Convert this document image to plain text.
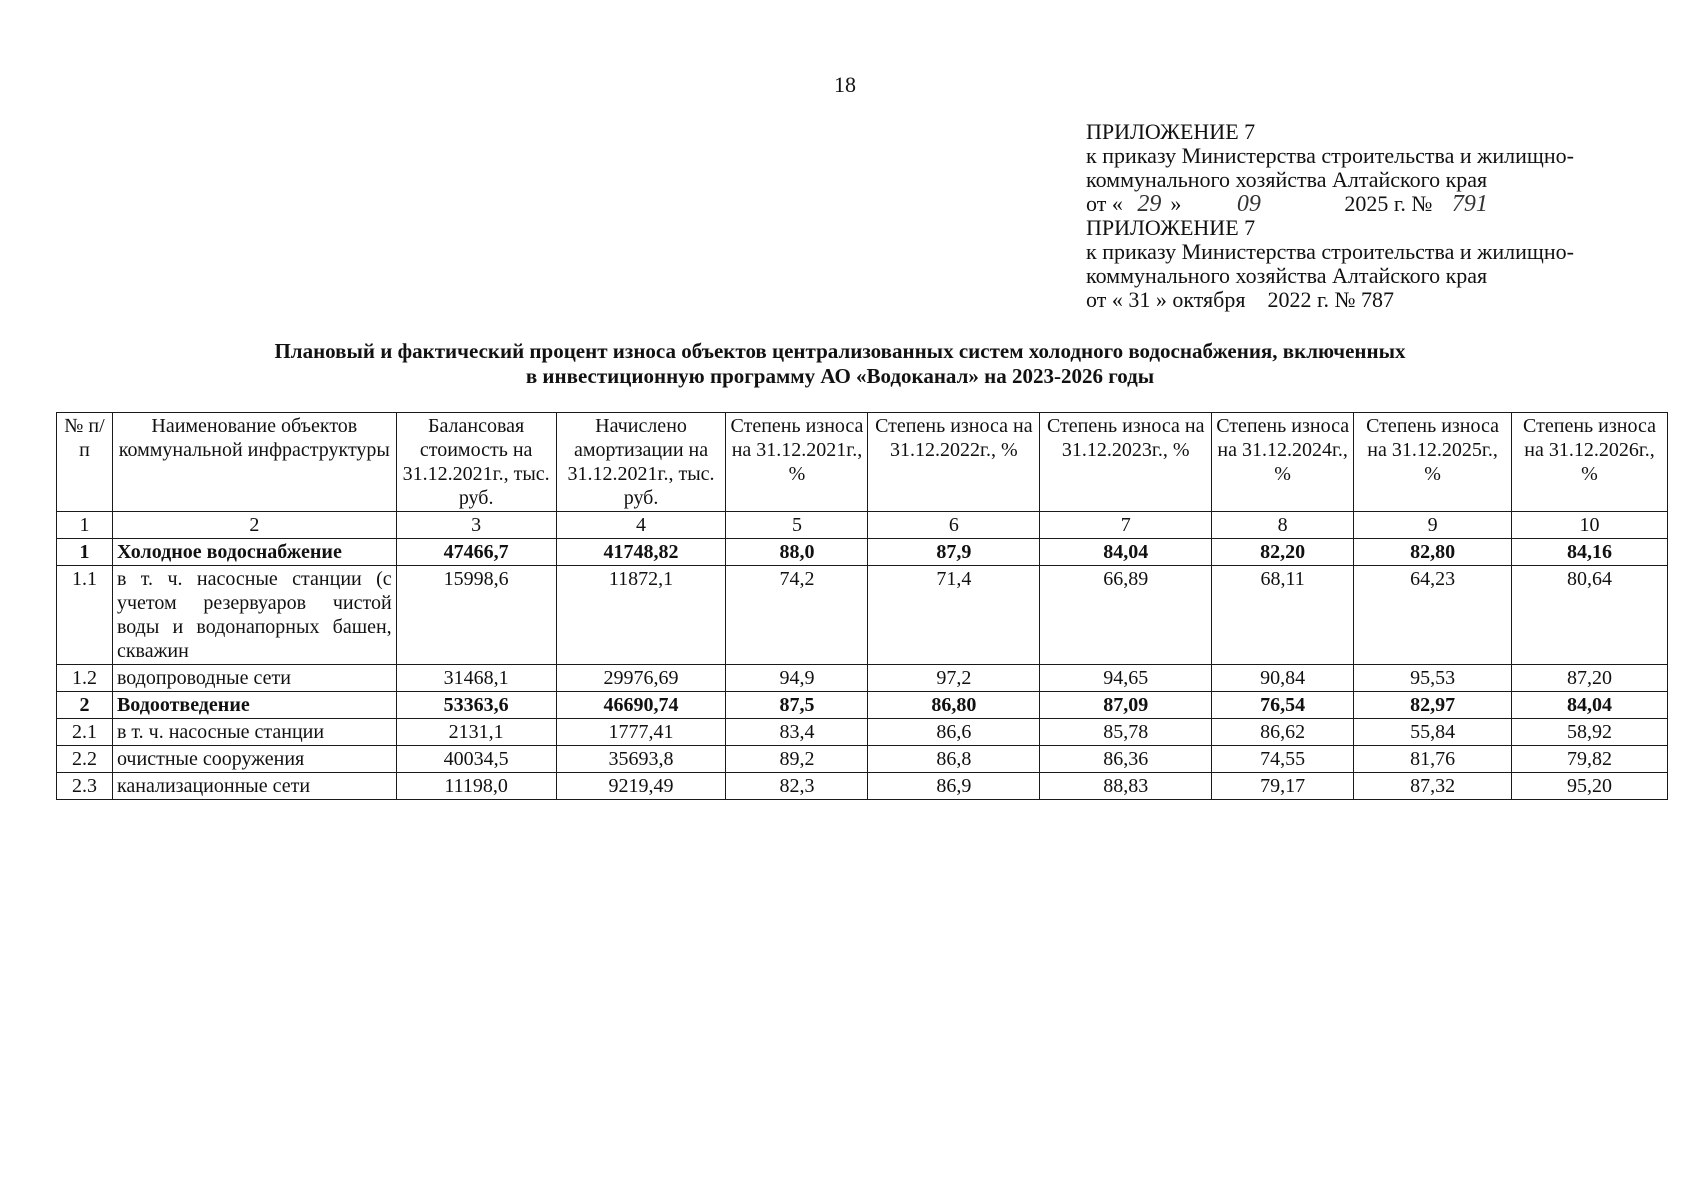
18
ПРИЛОЖЕНИЕ 7
к приказу Министерства строительства и жилищно-
коммунального хозяйства Алтайского края
от « 29 » 09	2025 г. № 791
ПРИЛОЖЕНИЕ 7
к приказу Министерства строительства и жилищно-
коммунального хозяйства Алтайского края
от « 31 » октября    2022 г. № 787
Плановый и фактический процент износа объектов централизованных систем холодного водоснабжения, включенных
в инвестиционную программу АО «Водоканал» на 2023-2026 годы
№ п/п	Наименование объектов коммунальной инфраструктуры	Балансовая стоимость на 31.12.2021г., тыс. руб.	Начислено амортизации на 31.12.2021г., тыс. руб.	Степень износа на 31.12.2021г., %	Степень износа на 31.12.2022г., %	Степень износа на 31.12.2023г., %	Степень износа на 31.12.2024г., %	Степень износа на 31.12.2025г., %	Степень износа на 31.12.2026г., %
1	2	3	4	5	6	7	8	9	10
1	Холодное водоснабжение	47466,7	41748,82	88,0	87,9	84,04	82,20	82,80	84,16
1.1	в т. ч. насосные станции (с учетом резервуаров чистой воды и водонапорных башен, скважин	15998,6	11872,1	74,2	71,4	66,89	68,11	64,23	80,64
1.2	водопроводные сети	31468,1	29976,69	94,9	97,2	94,65	90,84	95,53	87,20
2	Водоотведение	53363,6	46690,74	87,5	86,80	87,09	76,54	82,97	84,04
2.1	в т. ч. насосные станции	2131,1	1777,41	83,4	86,6	85,78	86,62	55,84	58,92
2.2	очистные сооружения	40034,5	35693,8	89,2	86,8	86,36	74,55	81,76	79,82
2.3	канализационные сети	11198,0	9219,49	82,3	86,9	88,83	79,17	87,32	95,20
